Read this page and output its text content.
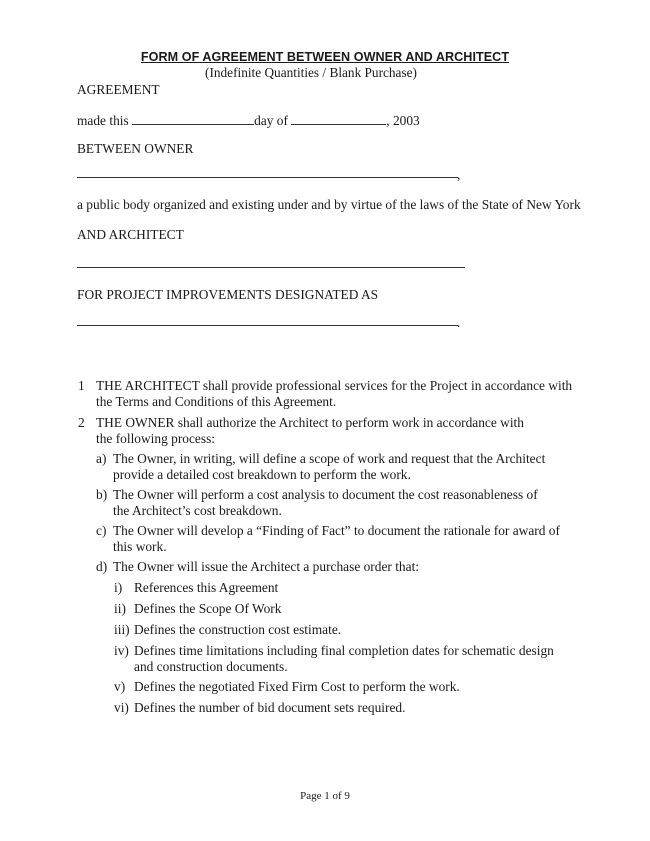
FORM OF AGREEMENT BETWEEN OWNER AND ARCHITECT
(Indefinite Quantities / Blank Purchase)
AGREEMENT
made this	day of	, 2003
BETWEEN OWNER
,
a public body organized and existing under and by virtue of the laws of the State of New York
AND ARCHITECT
FOR PROJECT IMPROVEMENTS DESIGNATED AS
.
1 THE ARCHITECT shall provide professional services for the Project in accordance with the Terms and Conditions of this Agreement.
2 THE OWNER shall authorize the Architect to perform work in accordance with the following process:
a) The Owner, in writing, will define a scope of work and request that the Architect provide a detailed cost breakdown to perform the work.
b) The Owner will perform a cost analysis to document the cost reasonableness of the Architect’s cost breakdown.
c) The Owner will develop a “Finding of Fact” to document the rationale for award of this work.
d) The Owner will issue the Architect a purchase order that:
i) References this Agreement
ii) Defines the Scope Of Work
iii) Defines the construction cost estimate.
iv) Defines time limitations including final completion dates for schematic design and construction documents.
v) Defines the negotiated Fixed Firm Cost to perform the work.
vi) Defines the number of bid document sets required.
Page 1 of 9
